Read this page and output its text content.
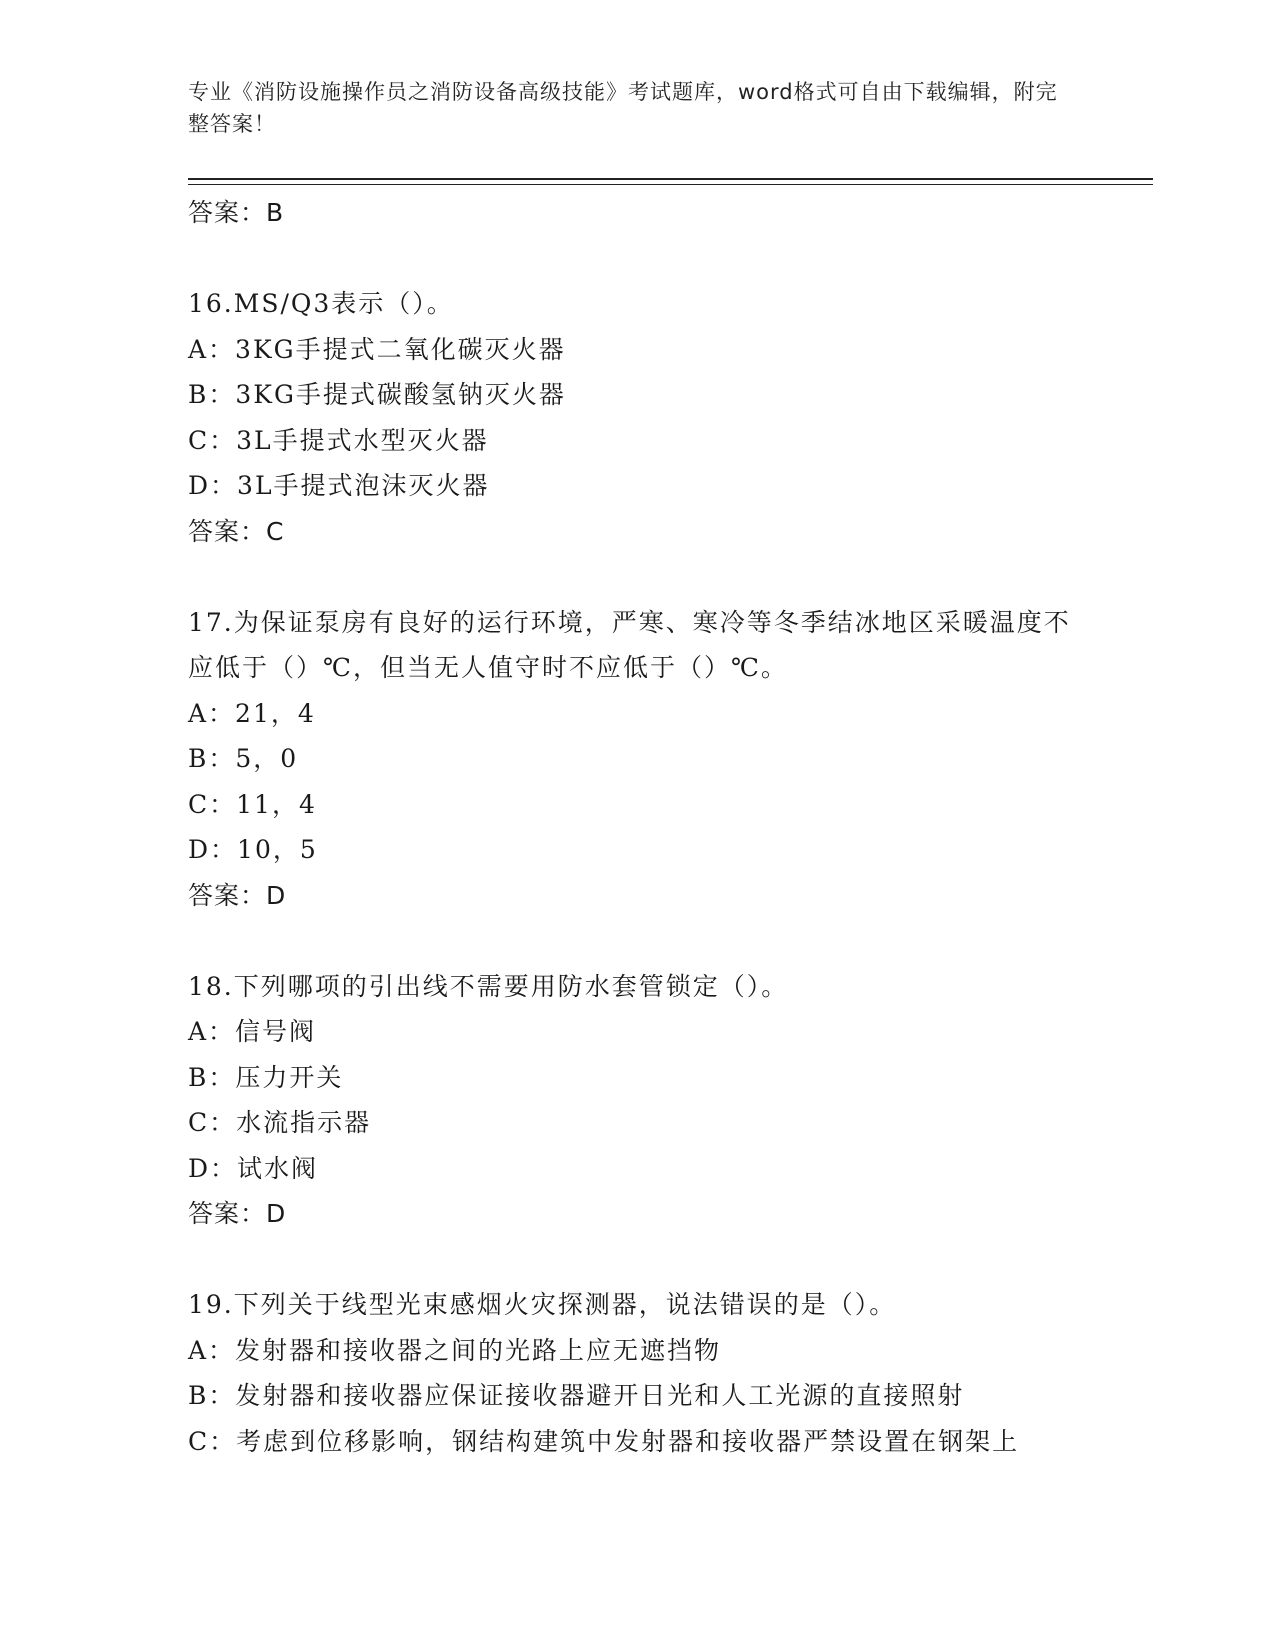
专业《消防设施操作员之消防设备高级技能》考试题库，word格式可自由下载编辑，附完整答案！
答案：B
16.MS/Q3表示（）。
A：3KG手提式二氧化碳灭火器
B：3KG手提式碳酸氢钠灭火器
C：3L手提式水型灭火器
D：3L手提式泡沫灭火器
答案：C
17.为保证泵房有良好的运行环境，严寒、寒冷等冬季结冰地区采暖温度不应低于（）℃，但当无人值守时不应低于（）℃。
A：21，4
B：5，0
C：11，4
D：10，5
答案：D
18.下列哪项的引出线不需要用防水套管锁定（）。
A：信号阀
B：压力开关
C：水流指示器
D：试水阀
答案：D
19.下列关于线型光束感烟火灾探测器，说法错误的是（）。
A：发射器和接收器之间的光路上应无遮挡物
B：发射器和接收器应保证接收器避开日光和人工光源的直接照射
C：考虑到位移影响，钢结构建筑中发射器和接收器严禁设置在钢架上
